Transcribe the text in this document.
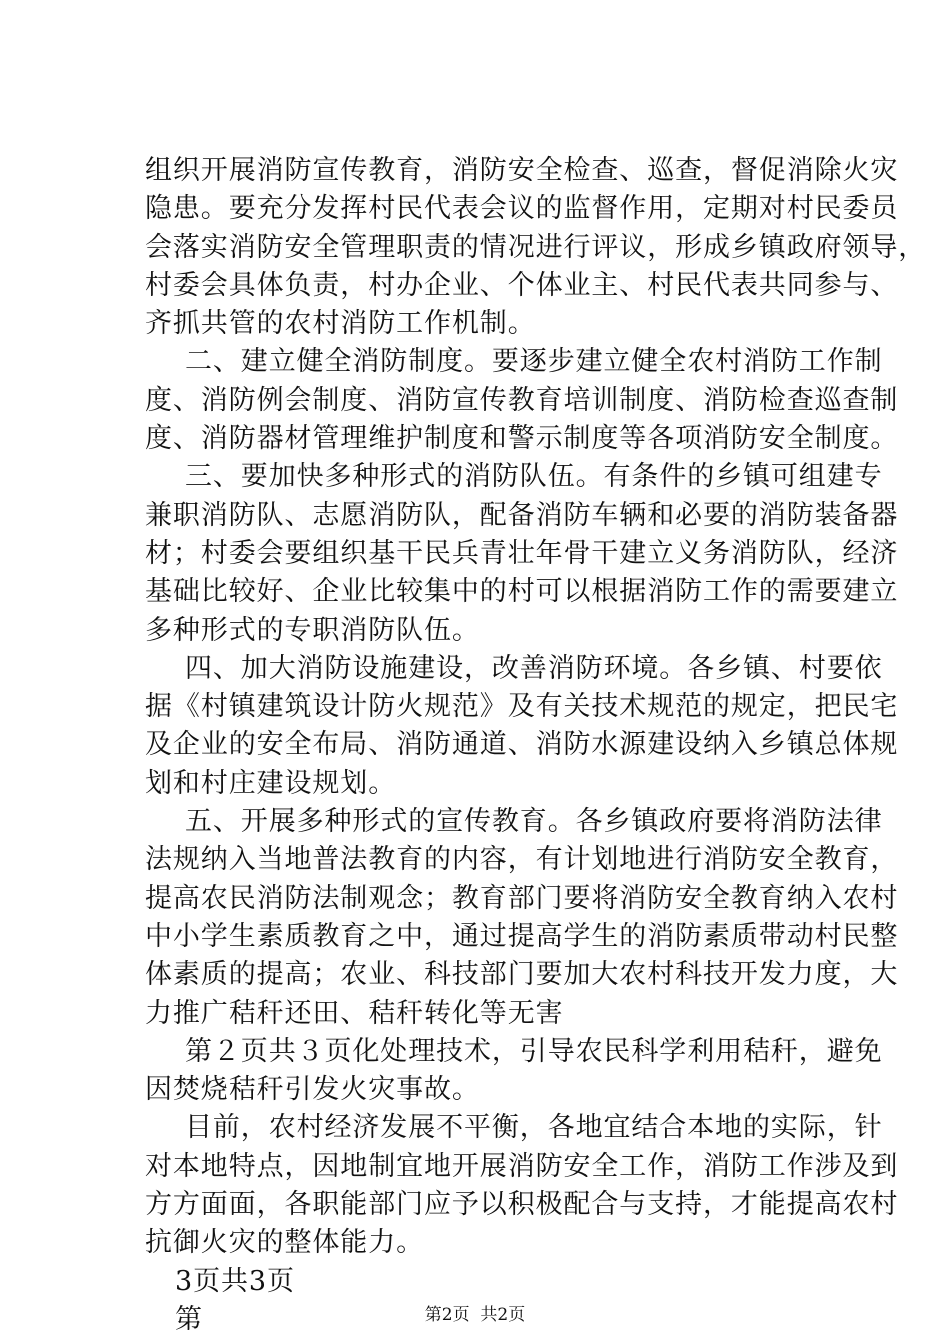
组织开展消防宣传教育，消防安全检查、巡查，督促消除火灾
隐患。要充分发挥村民代表会议的监督作用，定期对村民委员
会落实消防安全管理职责的情况进行评议，形成乡镇政府领导，
村委会具体负责，村办企业、个体业主、村民代表共同参与、
齐抓共管的农村消防工作机制。
二、建立健全消防制度。要逐步建立健全农村消防工作制
度、消防例会制度、消防宣传教育培训制度、消防检查巡查制
度、消防器材管理维护制度和警示制度等各项消防安全制度。
三、要加快多种形式的消防队伍。有条件的乡镇可组建专
兼职消防队、志愿消防队，配备消防车辆和必要的消防装备器
材；村委会要组织基干民兵青壮年骨干建立义务消防队，经济
基础比较好、企业比较集中的村可以根据消防工作的需要建立
多种形式的专职消防队伍。
四、加大消防设施建设，改善消防环境。各乡镇、村要依
据《村镇建筑设计防火规范》及有关技术规范的规定，把民宅
及企业的安全布局、消防通道、消防水源建设纳入乡镇总体规
划和村庄建设规划。
五、开展多种形式的宣传教育。各乡镇政府要将消防法律
法规纳入当地普法教育的内容，有计划地进行消防安全教育，
提高农民消防法制观念；教育部门要将消防安全教育纳入农村
中小学生素质教育之中，通过提高学生的消防素质带动村民整
体素质的提高；农业、科技部门要加大农村科技开发力度，大
力推广秸秆还田、秸秆转化等无害
第２页共３页化处理技术，引导农民科学利用秸秆，避免
因焚烧秸秆引发火灾事故。
目前，农村经济发展不平衡，各地宜结合本地的实际，针
对本地特点，因地制宜地开展消防安全工作，消防工作涉及到
方方面面，各职能部门应予以积极配合与支持，才能提高农村
抗御火灾的整体能力。
3页共3页
第	第2页  共2页
